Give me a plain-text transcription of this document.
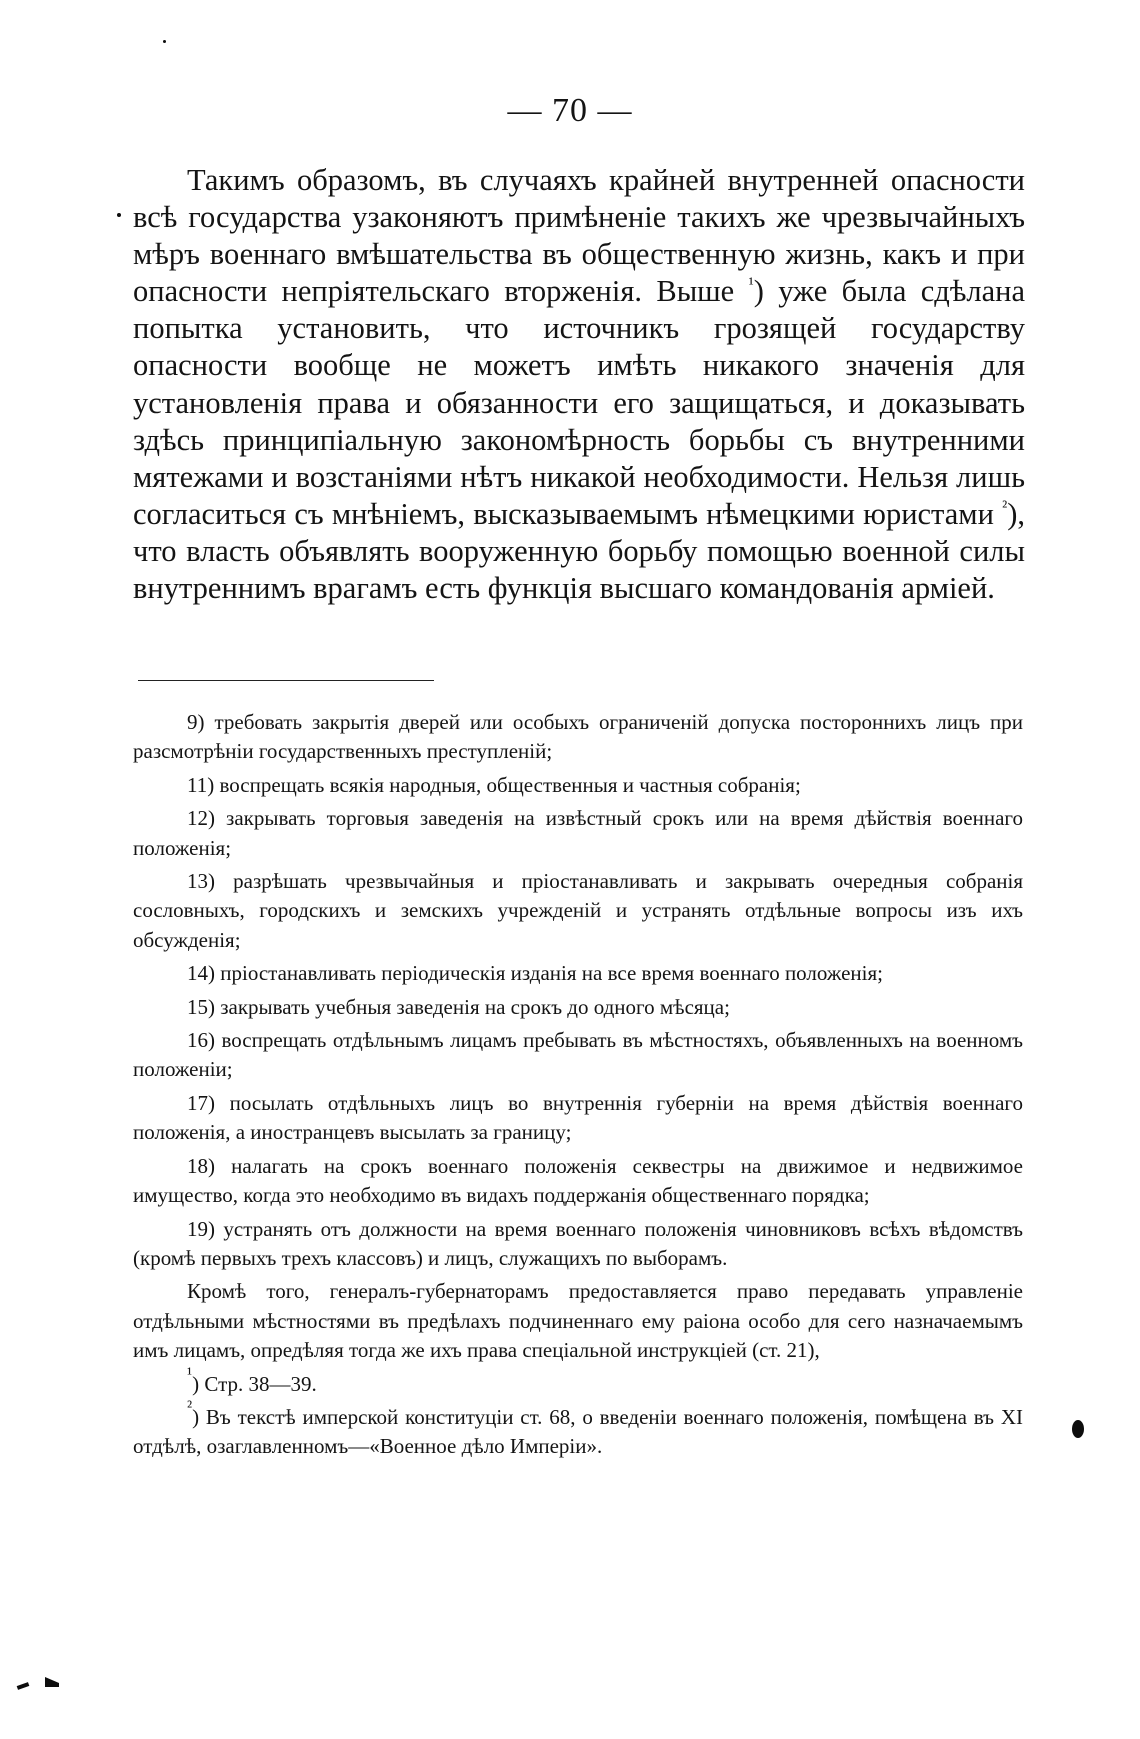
— 70 —

Такимъ образомъ, въ случаяхъ крайней внутренней опасности всѣ государства узаконяютъ примѣненіе такихъ же чрезвычайныхъ мѣръ военнаго вмѣшательства въ общественную жизнь, какъ и при опасности непріятельскаго вторженія. Выше $^{^1}$) уже была сдѣлана попытка установить, что источникъ грозящей государству опасности вообще не можетъ имѣть никакого значенія для установленія права и обязанности его защищаться, и доказывать здѣсь принципіальную закономѣрность борьбы съ внутренними мятежами и возстаніями нѣтъ никакой необходимости. Нельзя лишь согласиться съ мнѣніемъ, высказываемымъ нѣмецкими юристами $^{^2}$), что власть объявлять вооруженную борьбу помощью военной силы внутреннимъ врагамъ есть функція высшаго командованія арміей.

9) требовать закрытія дверей или особыхъ ограниченій допуска постороннихъ лицъ при разсмотрѣніи государственныхъ преступленій;

11) воспрещать всякія народныя, общественныя и частныя собранія;

12) закрывать торговыя заведенія на извѣстный срокъ или на время дѣйствія военнаго положенія;

13) разрѣшать чрезвычайныя и пріостанавливать и закрывать очередныя собранія сословныхъ, городскихъ и земскихъ учрежденій и устранять отдѣльные вопросы изъ ихъ обсужденія;

14) пріостанавливать періодическія изданія на все время военнаго положенія;

15) закрывать учебныя заведенія на срокъ до одного мѣсяца;

16) воспрещать отдѣльнымъ лицамъ пребывать въ мѣстностяхъ, объявленныхъ на военномъ положеніи;

17) посылать отдѣльныхъ лицъ во внутреннія губерніи на время дѣйствія военнаго положенія, а иностранцевъ высылать за границу;

18) налагать на срокъ военнаго положенія секвестры на движимое и недвижимое имущество, когда это необходимо въ видахъ поддержанія общественнаго порядка;

19) устранять отъ должности на время военнаго положенія чиновниковъ всѣхъ вѣдомствъ (кромѣ первыхъ трехъ классовъ) и лицъ, служащихъ по выборамъ.

Кромѣ того, генералъ-губернаторамъ предоставляется право передавать управленіе отдѣльными мѣстностями въ предѣлахъ подчиненнаго ему раіона особо для сего назначаемымъ имъ лицамъ, опредѣляя тогда же ихъ права спеціальной инструкціей (ст. 21),

$^{^1}$) Стр. 38—39.

$^{^2}$) Въ текстѣ имперской конституціи ст. 68, о введеніи военнаго положенія, помѣщена въ XI отдѣлѣ, озаглавленномъ—«Военное дѣло Имперіи».
